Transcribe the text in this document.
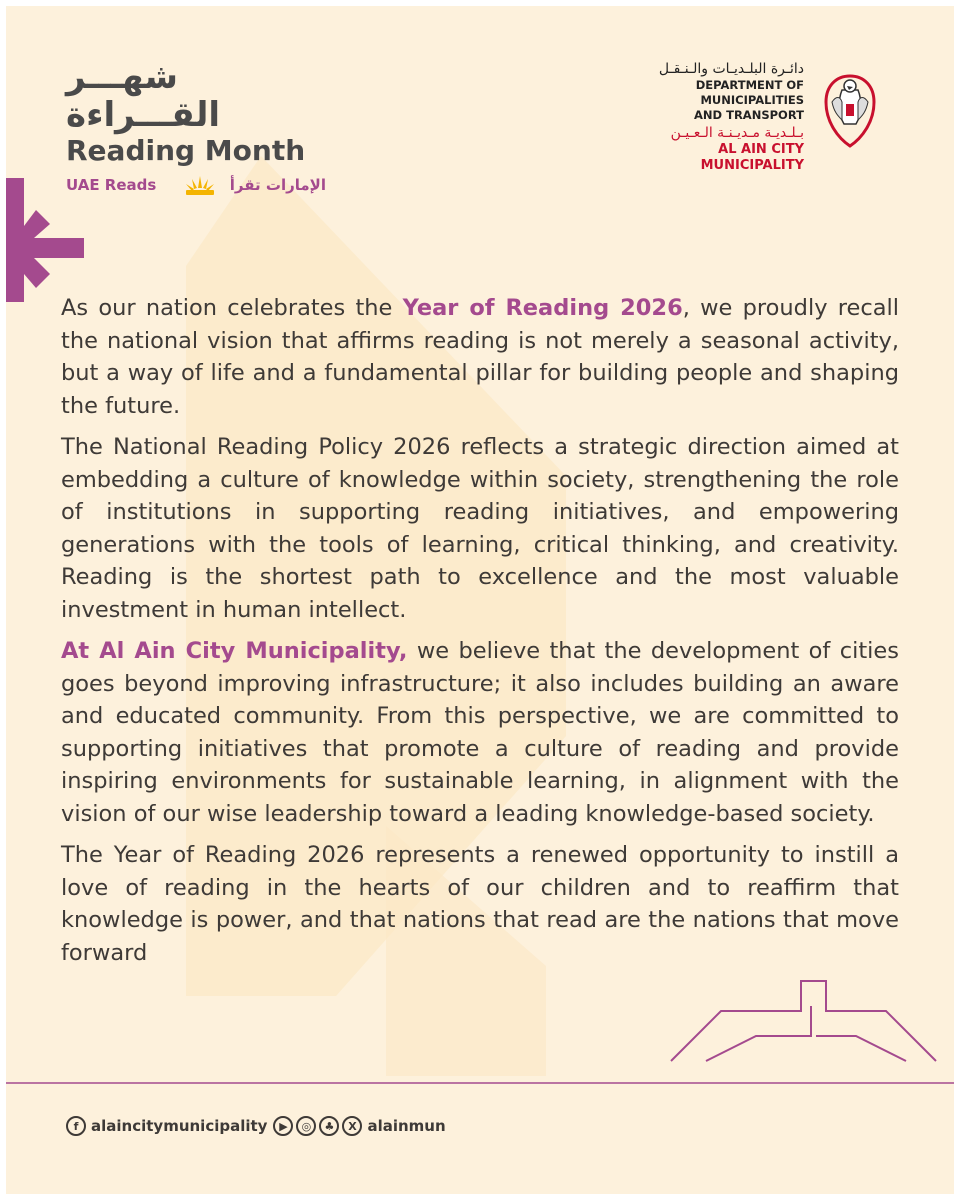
شهـــر القـــراءة
Reading Month
UAE Reads	الإمارات تقرأ
دائـرة البلـديـات والـنـقـل
DEPARTMENT OF MUNICIPALITIES
AND TRANSPORT
بـلـديـة مـديـنـة الـعـيـن
AL AIN CITY MUNICIPALITY

As our nation celebrates the Year of Reading 2026, we proudly recall the national vision that affirms reading is not merely a seasonal activity, but a way of life and a fundamental pillar for building people and shaping the future.

The National Reading Policy 2026 reflects a strategic direction aimed at embedding a culture of knowledge within society, strengthening the role of institutions in supporting reading initiatives, and empowering generations with the tools of learning, critical thinking, and creativity. Reading is the shortest path to excellence and the most valuable investment in human intellect.

At Al Ain City Municipality, we believe that the development of cities goes beyond improving infrastructure; it also includes building an aware and educated community. From this perspective, we are committed to supporting initiatives that promote a culture of reading and provide inspiring environments for sustainable learning, in alignment with the vision of our wise leadership toward a leading knowledge-based society.

The Year of Reading 2026 represents a renewed opportunity to instill a love of reading in the hearts of our children and to reaffirm that knowledge is power, and that nations that read are the nations that move forward

f alaincitymunicipality	▶	◎	♣	X alainmun
